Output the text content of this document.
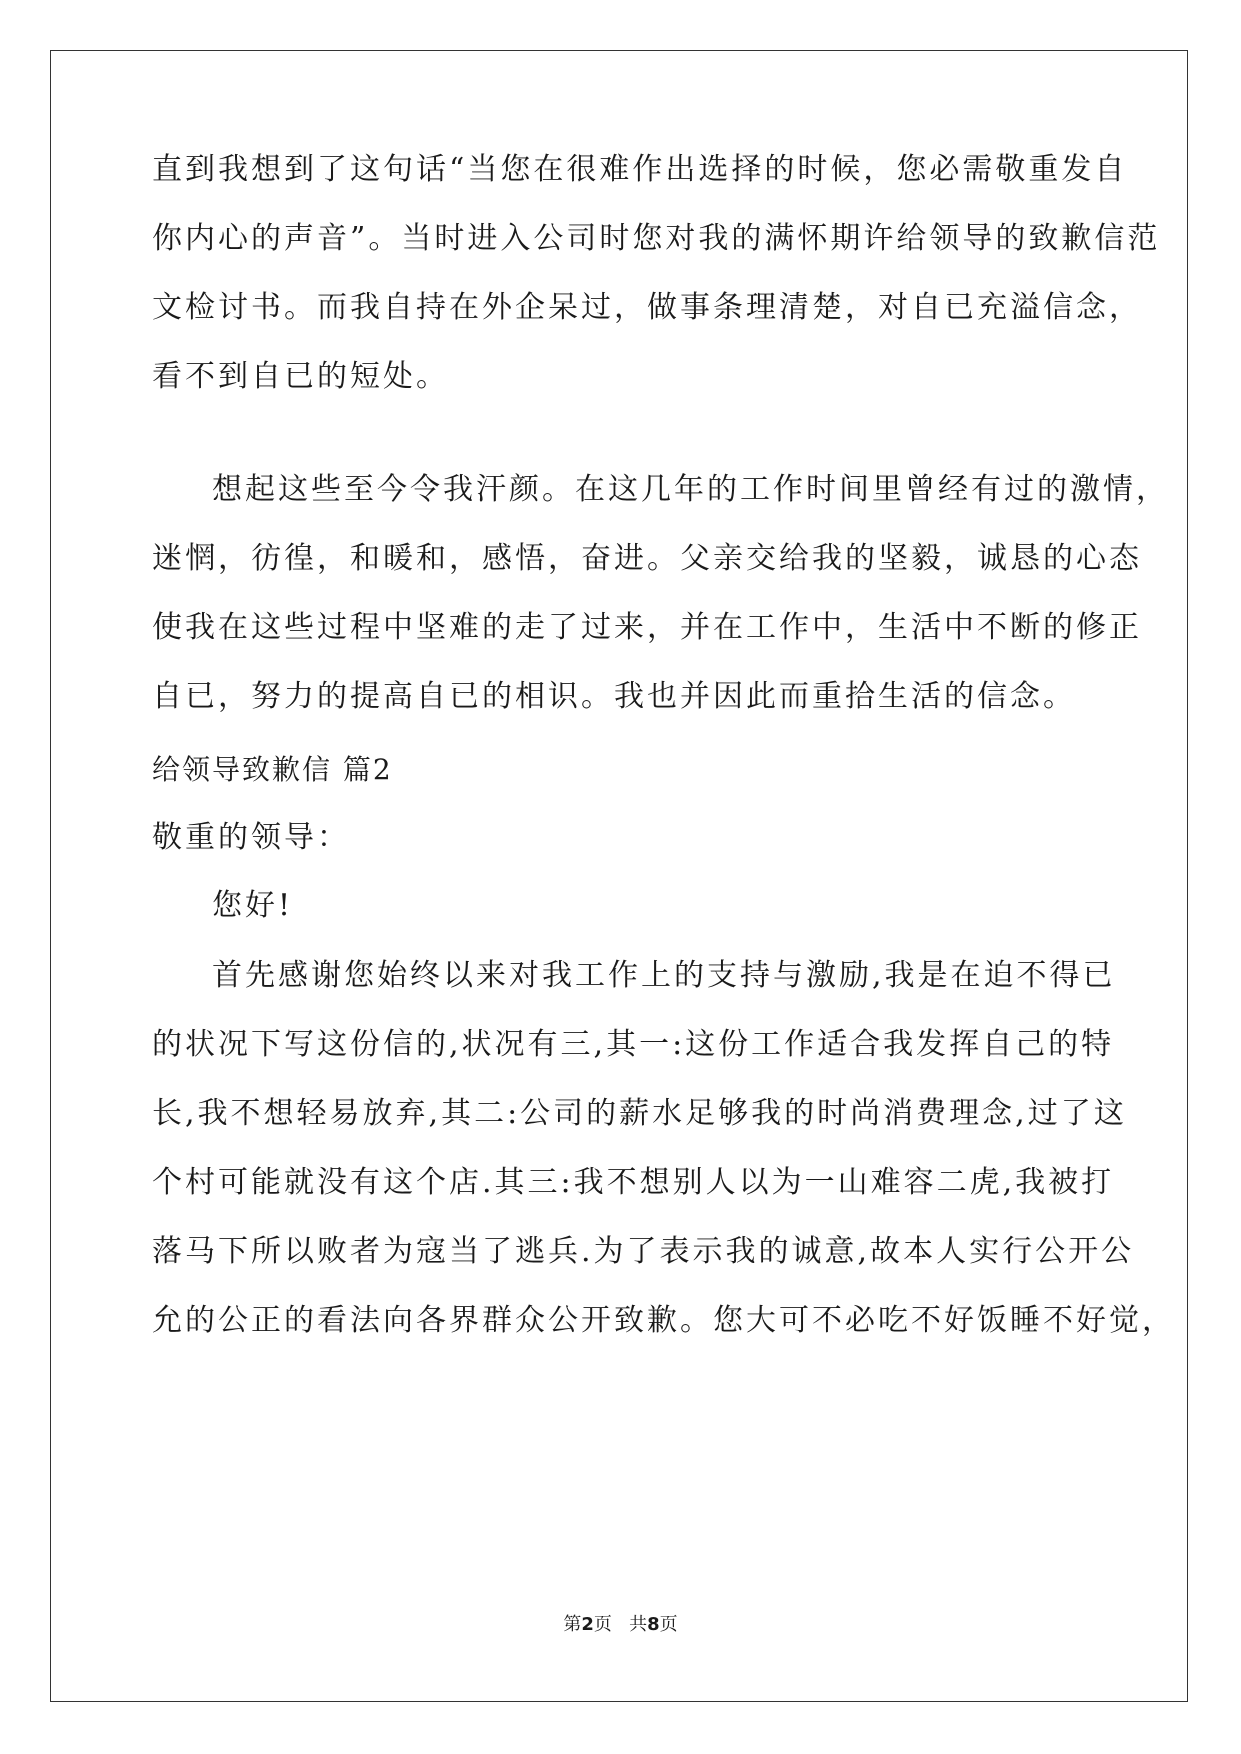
直到我想到了这句话“当您在很难作出选择的时候，您必需敬重发自
你内心的声音”。当时进入公司时您对我的满怀期许给领导的致歉信范
文检讨书。而我自持在外企呆过，做事条理清楚，对自已充溢信念，
看不到自已的短处。
想起这些至今令我汗颜。在这几年的工作时间里曾经有过的激情，
迷惘，彷徨，和暖和，感悟，奋进。父亲交给我的坚毅，诚恳的心态
使我在这些过程中坚难的走了过来，并在工作中，生活中不断的修正
自已，努力的提高自已的相识。我也并因此而重拾生活的信念。
给领导致歉信 篇2
敬重的领导：
您好!
首先感谢您始终以来对我工作上的支持与激励,我是在迫不得已
的状况下写这份信的,状况有三,其一:这份工作适合我发挥自己的特
长,我不想轻易放弃,其二:公司的薪水足够我的时尚消费理念,过了这
个村可能就没有这个店.其三:我不想别人以为一山难容二虎,我被打
落马下所以败者为寇当了逃兵.为了表示我的诚意,故本人实行公开公
允的公正的看法向各界群众公开致歉。您大可不必吃不好饭睡不好觉，
第2页 共8页
